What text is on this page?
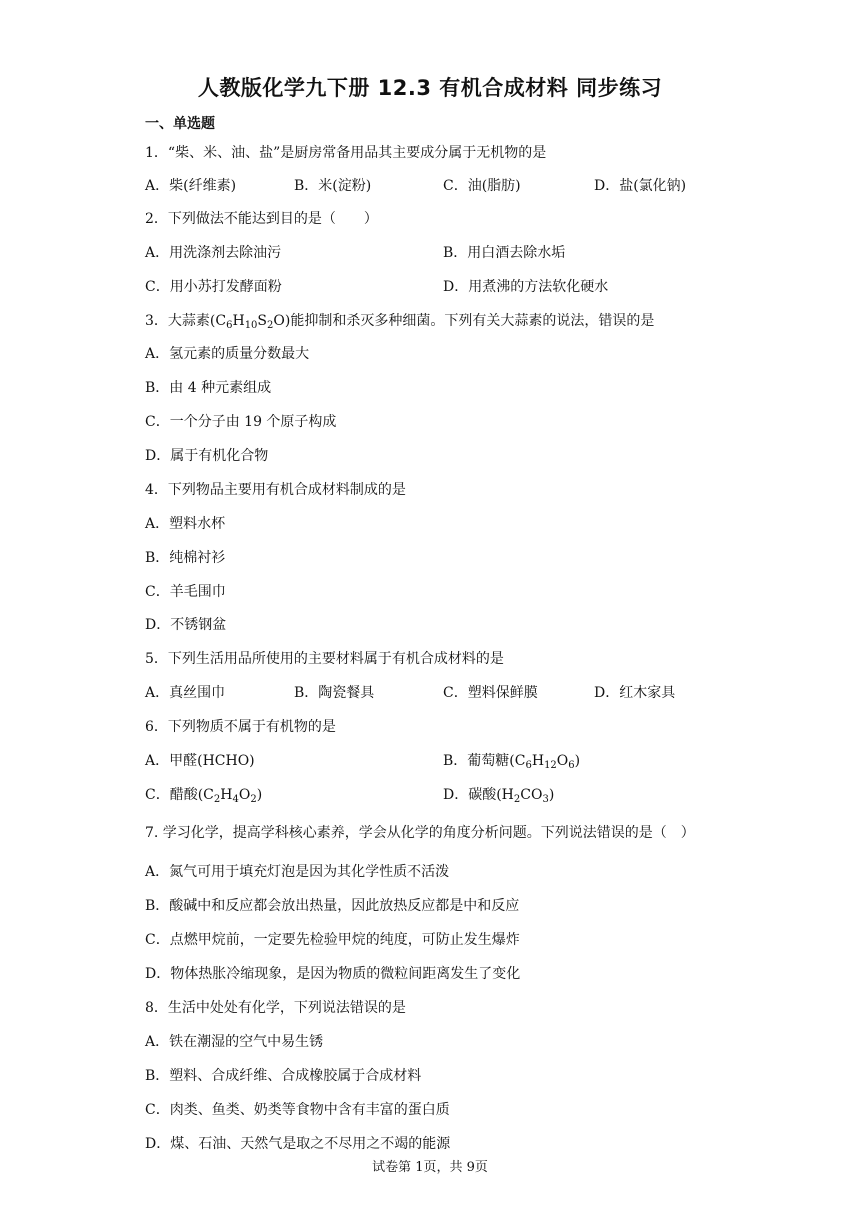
人教版化学九下册 12.3 有机合成材料 同步练习
一、单选题
1．“柴、米、油、盐”是厨房常备用品其主要成分属于无机物的是
A．柴(纤维素)	B．米(淀粉)	C．油(脂肪)	D．盐(氯化钠)
2．下列做法不能达到目的是（　　）
A．用洗涤剂去除油污	B．用白酒去除水垢
C．用小苏打发酵面粉	D．用煮沸的方法软化硬水
3．大蒜素$(C_6H_{10}S_2O)$能抑制和杀灭多种细菌。下列有关大蒜素的说法，错误的是
A．氢元素的质量分数最大
B．由 4 种元素组成
C．一个分子由 19 个原子构成
D．属于有机化合物
4．下列物品主要用有机合成材料制成的是
A．塑料水杯
B．纯棉衬衫
C．羊毛围巾
D．不锈钢盆
5．下列生活用品所使用的主要材料属于有机合成材料的是
A．真丝围巾	B．陶瓷餐具	C．塑料保鲜膜	D．红木家具
6．下列物质不属于有机物的是
A．甲醛(HCHO)	B．葡萄糖$(C_6H_{12}O_6)$
C．醋酸$(C_2H_4O_2)$	D．碳酸$(H_2CO_3)$
7. 学习化学，提高学科核心素养，学会从化学的角度分析问题。下列说法错误的是（　）
A．氮气可用于填充灯泡是因为其化学性质不活泼
B．酸碱中和反应都会放出热量，因此放热反应都是中和反应
C．点燃甲烷前，一定要先检验甲烷的纯度，可防止发生爆炸
D．物体热胀冷缩现象，是因为物质的微粒间距离发生了变化
8．生活中处处有化学，下列说法错误的是
A．铁在潮湿的空气中易生锈
B．塑料、合成纤维、合成橡胶属于合成材料
C．肉类、鱼类、奶类等食物中含有丰富的蛋白质
D．煤、石油、天然气是取之不尽用之不竭的能源
试卷第 1页，共 9页
